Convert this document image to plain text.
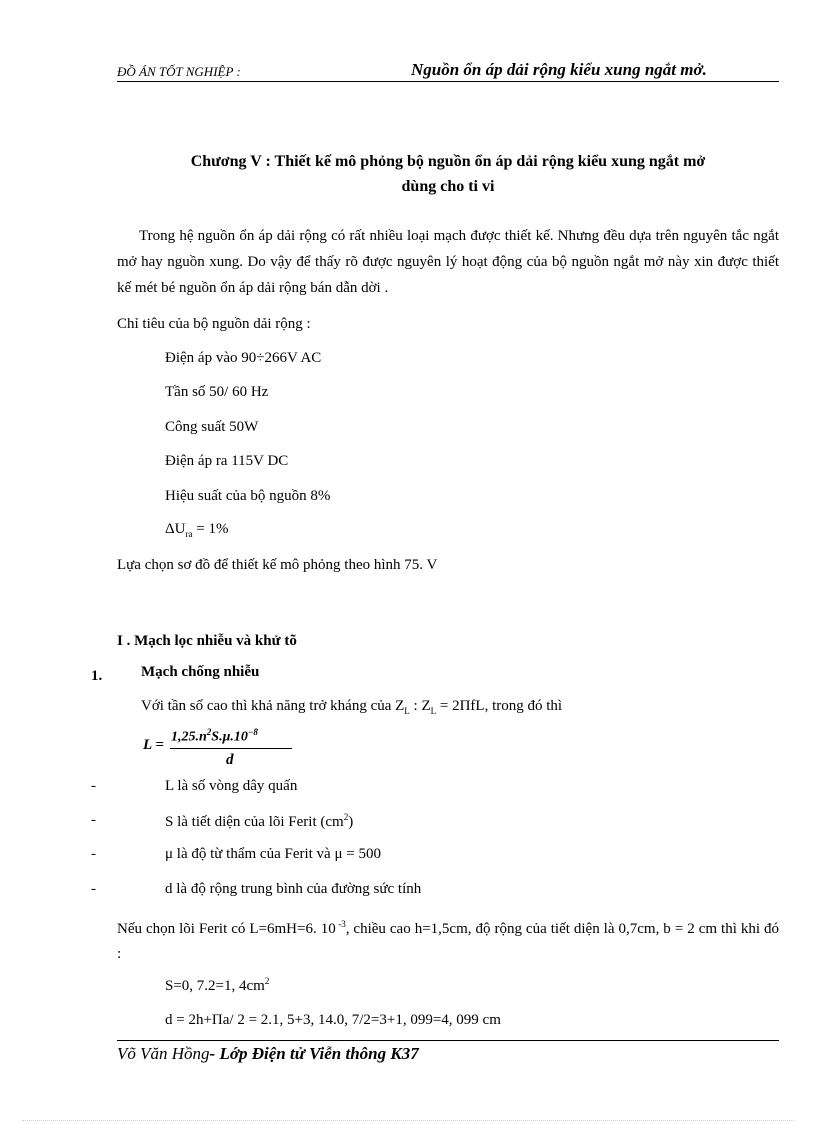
ĐỒ ÁN TỐT NGHIỆP :	Nguồn ổn áp dải rộng kiểu xung ngắt mở.
Chương V : Thiết kế mô phỏng bộ nguồn ổn áp dải rộng kiểu xung ngắt mở
dùng cho ti vi

Trong hệ nguồn ổn áp dải rộng có rất nhiều loại mạch được thiết kế. Nhưng đều dựa trên nguyên tắc ngắt mở hay nguồn xung. Do vậy để thấy rõ được nguyên lý hoạt động của bộ nguồn ngắt mở này xin được thiết kế mét bé nguồn ổn áp dải rộng bán dẫn dời .

Chỉ tiêu của bộ nguồn dải rộng :
Điện áp vào 90÷266V AC
Tần số 50/ 60 Hz
Công suất 50W
Điện áp ra 115V DC
Hiệu suất của bộ nguồn 8%
$\Delta U_{ra} = 1\%$
Lựa chọn sơ đồ để thiết kế mô phỏng theo hình 75. V
I . Mạch lọc nhiễu và khử tõ
1.	Mạch chống nhiễu
Với tần số cao thì khả năng trở kháng của $Z_L$ : $Z_L = 2\Pi fL$, trong đó thì
$L = 1,25.n^2S.\mu.10^{-8}$
d
-	L là số vòng dây quấn
-	S là tiết diện của lõi Ferit $(cm^2)$
-	μ là độ từ thẩm của Ferit và μ = 500
-	d là độ rộng trung bình của đường sức tính

Nếu chọn lõi Ferit có L=6mH=6. 10 $^{-3}$, chiều cao h=1,5cm, độ rộng của tiết diện là 0,7cm, b = 2 cm thì khi đó :

S=0, 7.2=1, $4cm^2$
d = 2h+Πa/ 2 = 2.1, 5+3, 14.0, 7/2=3+1, 099=4, 099 cm
Võ Văn Hồng- Lớp Điện tử Viễn thông K37
